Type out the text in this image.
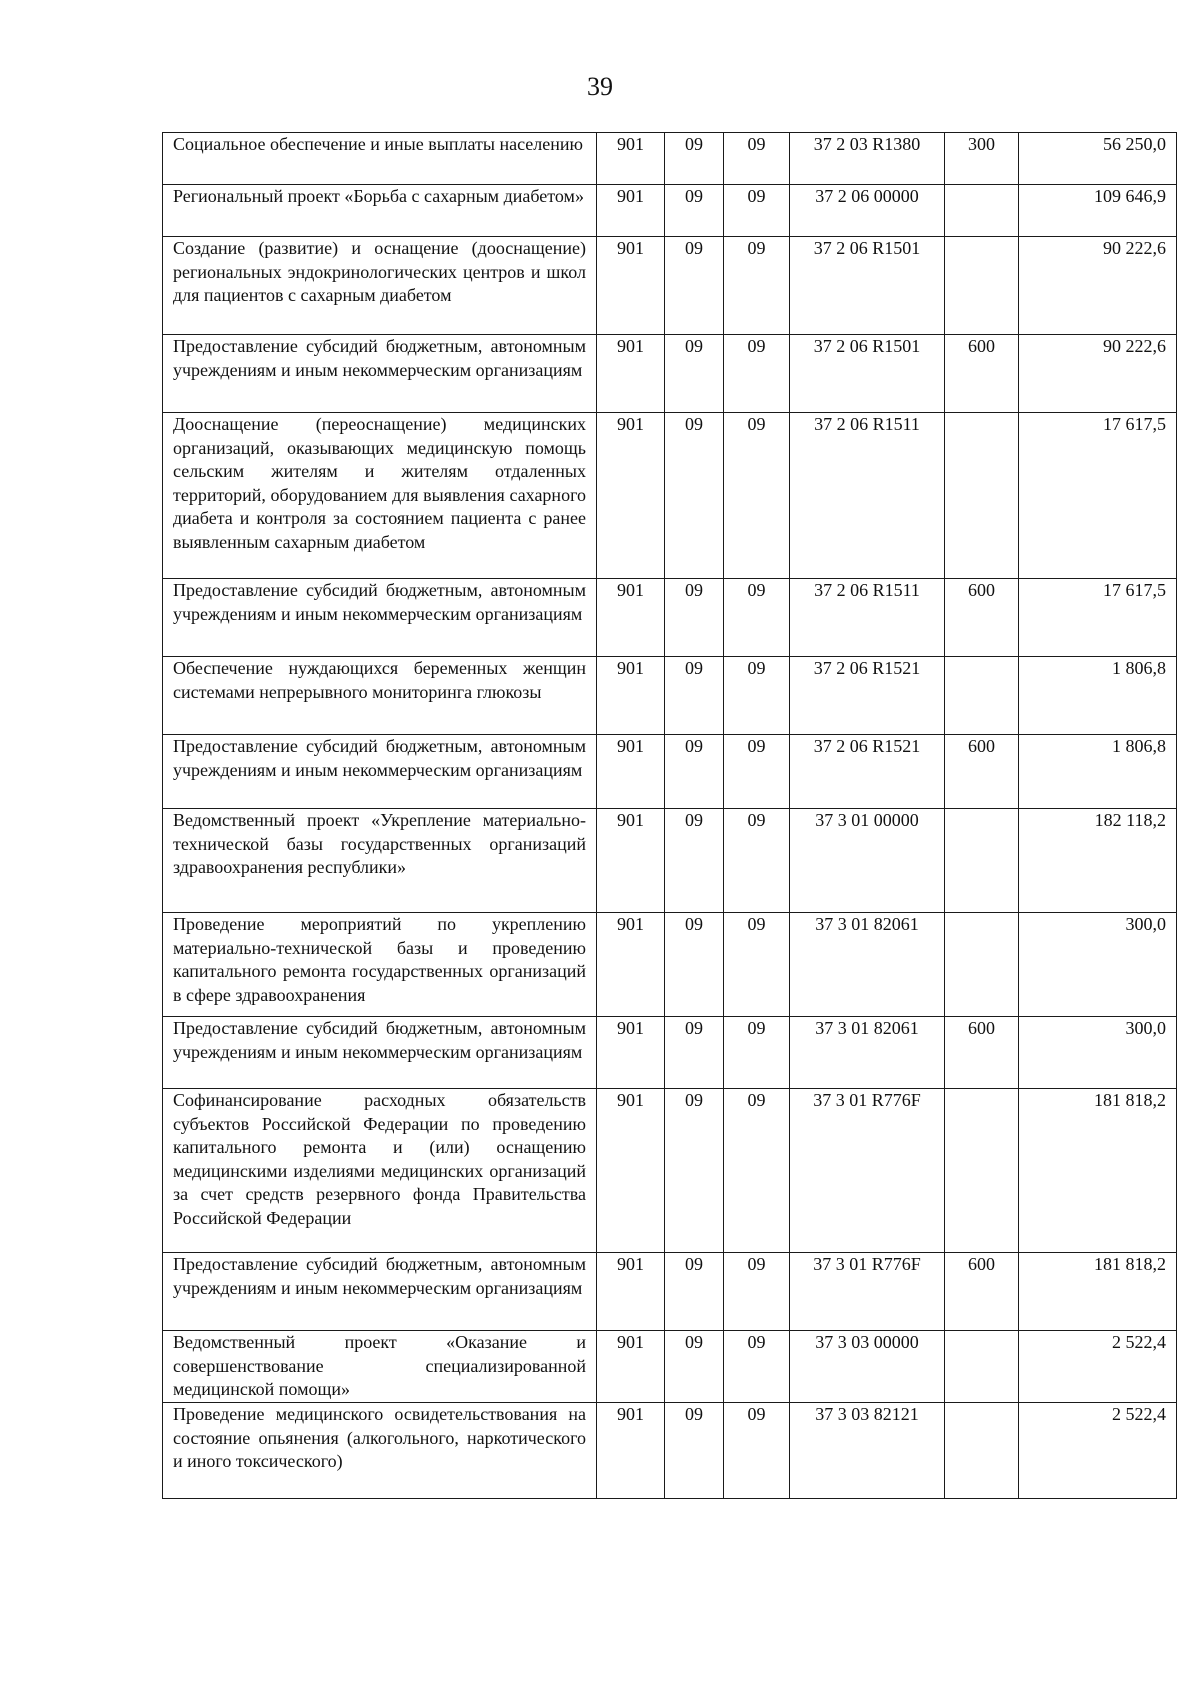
39
Социальное обеспечение и иные выплаты населению	901	09	09	37 2 03 R1380	300	56 250,0
Региональный проект «Борьба с сахарным диабетом»	901	09	09	37 2 06 00000		109 646,9
Создание (развитие) и оснащение (дооснащение) региональных эндокринологических центров и школ для пациентов с сахарным диабетом	901	09	09	37 2 06 R1501		90 222,6
Предоставление субсидий бюджетным, автономным учреждениям и иным некоммерческим организациям	901	09	09	37 2 06 R1501	600	90 222,6
Дооснащение (переоснащение) медицинских организаций, оказывающих медицинскую помощь сельским жителям и жителям отдаленных территорий, оборудованием для выявления сахарного диабета и контроля за состоянием пациента с ранее выявленным сахарным диабетом	901	09	09	37 2 06 R1511		17 617,5
Предоставление субсидий бюджетным, автономным учреждениям и иным некоммерческим организациям	901	09	09	37 2 06 R1511	600	17 617,5
Обеспечение нуждающихся беременных женщин системами непрерывного мониторинга глюкозы	901	09	09	37 2 06 R1521		1 806,8
Предоставление субсидий бюджетным, автономным учреждениям и иным некоммерческим организациям	901	09	09	37 2 06 R1521	600	1 806,8
Ведомственный проект «Укрепление материально-технической базы государственных организаций здравоохранения республики»	901	09	09	37 3 01 00000		182 118,2
Проведение мероприятий по укреплению материально-технической базы и проведению капитального ремонта государственных организаций в сфере здравоохранения	901	09	09	37 3 01 82061		300,0
Предоставление субсидий бюджетным, автономным учреждениям и иным некоммерческим организациям	901	09	09	37 3 01 82061	600	300,0
Софинансирование расходных обязательств субъектов Российской Федерации по проведению капитального ремонта и (или) оснащению медицинскими изделиями медицинских организаций за счет средств резервного фонда Правительства Российской Федерации	901	09	09	37 3 01 R776F		181 818,2
Предоставление субсидий бюджетным, автономным учреждениям и иным некоммерческим организациям	901	09	09	37 3 01 R776F	600	181 818,2
Ведомственный проект «Оказание и совершенствование специализированной медицинской помощи»	901	09	09	37 3 03 00000		2 522,4
Проведение медицинского освидетельствования на состояние опьянения (алкогольного, наркотического и иного токсического)	901	09	09	37 3 03 82121		2 522,4
